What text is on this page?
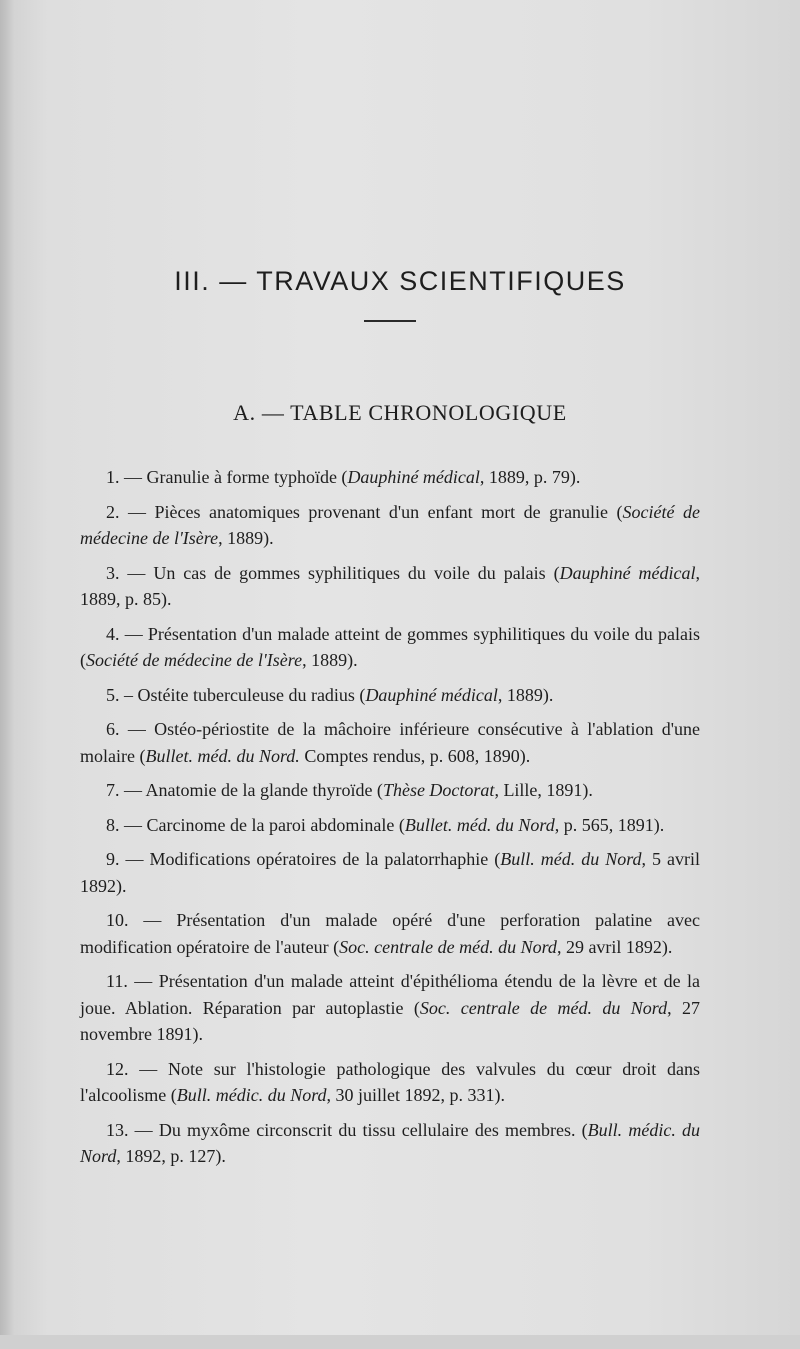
III. — TRAVAUX SCIENTIFIQUES
A. — TABLE CHRONOLOGIQUE

1. — Granulie à forme typhoïde (Dauphiné médical, 1889, p. 79).

2. — Pièces anatomiques provenant d'un enfant mort de granulie (Société de médecine de l'Isère, 1889).

3. — Un cas de gommes syphilitiques du voile du palais (Dauphiné médical, 1889, p. 85).

4. — Présentation d'un malade atteint de gommes syphilitiques du voile du palais (Société de médecine de l'Isère, 1889).

5. – Ostéite tuberculeuse du radius (Dauphiné médical, 1889).

6. — Ostéo-périostite de la mâchoire inférieure consécutive à l'ablation d'une molaire (Bullet. méd. du Nord. Comptes rendus, p. 608, 1890).

7. — Anatomie de la glande thyroïde (Thèse Doctorat, Lille, 1891).

8. — Carcinome de la paroi abdominale (Bullet. méd. du Nord, p. 565, 1891).

9. — Modifications opératoires de la palatorrhaphie (Bull. méd. du Nord, 5 avril 1892).

10. — Présentation d'un malade opéré d'une perforation palatine avec modification opératoire de l'auteur (Soc. centrale de méd. du Nord, 29 avril 1892).

11. — Présentation d'un malade atteint d'épithélioma étendu de la lèvre et de la joue. Ablation. Réparation par autoplastie (Soc. centrale de méd. du Nord, 27 novembre 1891).

12. — Note sur l'histologie pathologique des valvules du cœur droit dans l'alcoolisme (Bull. médic. du Nord, 30 juillet 1892, p. 331).

13. — Du myxôme circonscrit du tissu cellulaire des membres. (Bull. médic. du Nord, 1892, p. 127).
